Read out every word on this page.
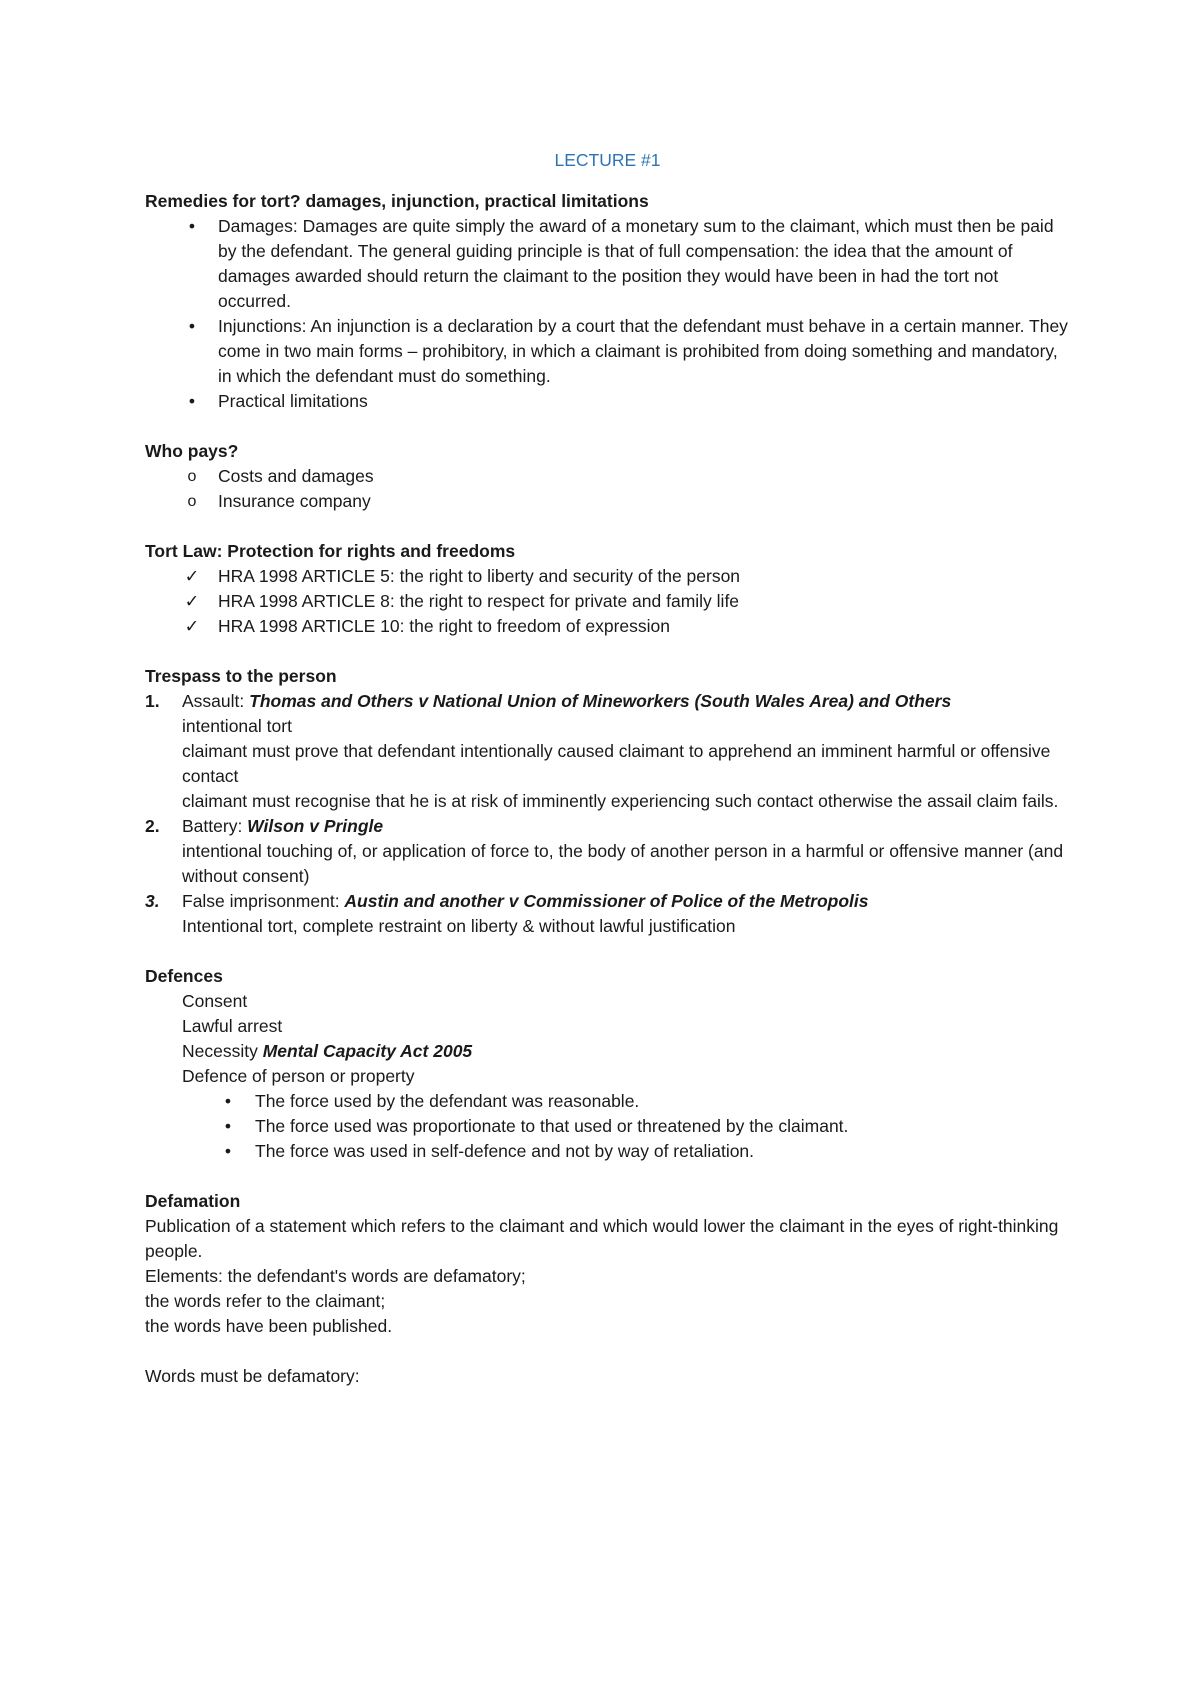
LECTURE #1

Remedies for tort? damages, injunction, practical limitations

•	Damages: Damages are quite simply the award of a monetary sum to the claimant, which must then be paid by the defendant. The general guiding principle is that of full compensation: the idea that the amount of damages awarded should return the claimant to the position they would have been in had the tort not occurred.

•	Injunctions: An injunction is a declaration by a court that the defendant must behave in a certain manner. They come in two main forms – prohibitory, in which a claimant is prohibited from doing something and mandatory, in which the defendant must do something.

•	Practical limitations

Who pays?

o	Costs and damages

o	Insurance company

Tort Law: Protection for rights and freedoms

✓ HRA 1998 ARTICLE 5: the right to liberty and security of the person

✓ HRA 1998 ARTICLE 8: the right to respect for private and family life

✓ HRA 1998 ARTICLE 10: the right to freedom of expression

Trespass to the person

1.	Assault: Thomas and Others v National Union of Mineworkers (South Wales Area) and Others

intentional tort

claimant must prove that defendant intentionally caused claimant to apprehend an imminent harmful or offensive contact

claimant must recognise that he is at risk of imminently experiencing such contact otherwise the assail claim fails.

2.	Battery: Wilson v Pringle

intentional touching of, or application of force to, the body of another person in a harmful or offensive manner (and without consent)

3.	False imprisonment: Austin and another v Commissioner of Police of the Metropolis

Intentional tort, complete restraint on liberty & without lawful justification

Defences

Consent

Lawful arrest

Necessity Mental Capacity Act 2005

Defence of person or property

•	The force used by the defendant was reasonable.

•	The force used was proportionate to that used or threatened by the claimant.

•	The force was used in self-defence and not by way of retaliation.

Defamation

Publication of a statement which refers to the claimant and which would lower the claimant in the eyes of right-thinking people.

Elements: the defendant's words are defamatory;

the words refer to the claimant;

the words have been published.

Words must be defamatory:
